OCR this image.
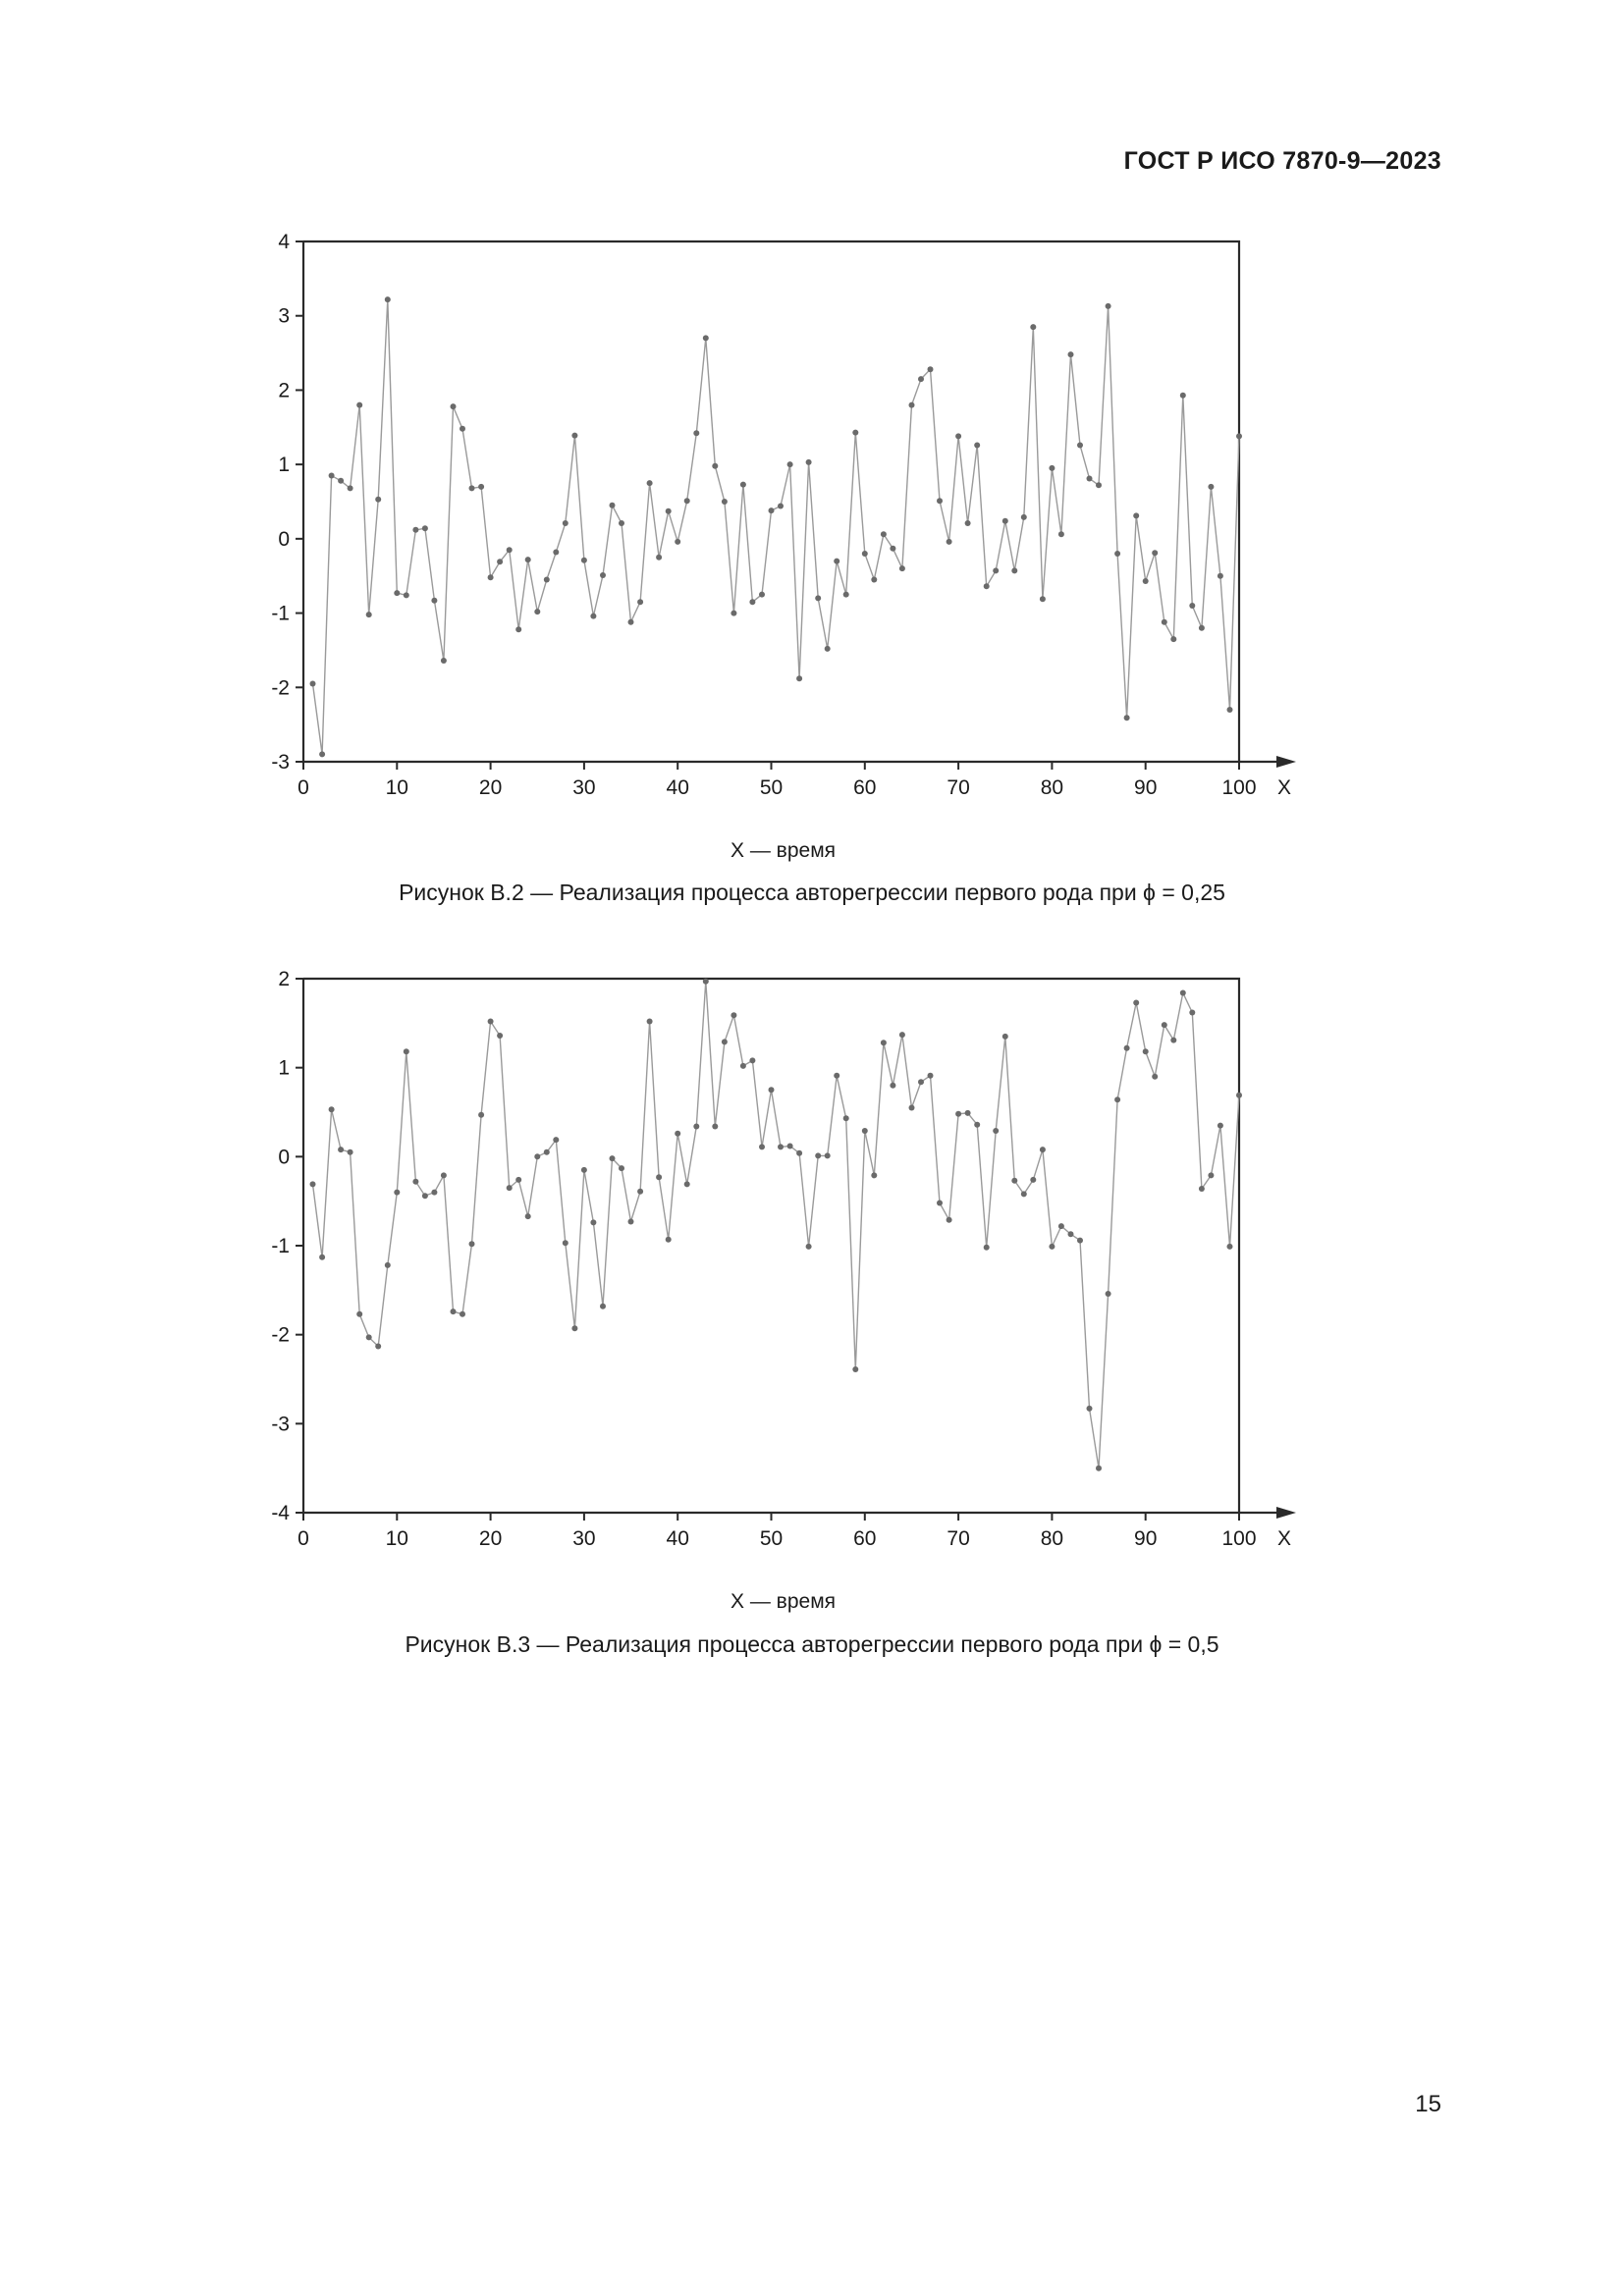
ГОСТ Р ИСО 7870-9—2023
-3
-2
-1
0
1
2
3
4
0	10	20	30	40	50	60	70	80	90	100 X
X — время
Рисунок B.2 — Реализация процесса авторегрессии первого рода при ϕ = 0,25
-4
-3
-2
-1
0
1
2
0	10	20	30	40	50	60	70	80	90	100 X
X — время
Рисунок B.3 — Реализация процесса авторегрессии первого рода при ϕ = 0,5
15
